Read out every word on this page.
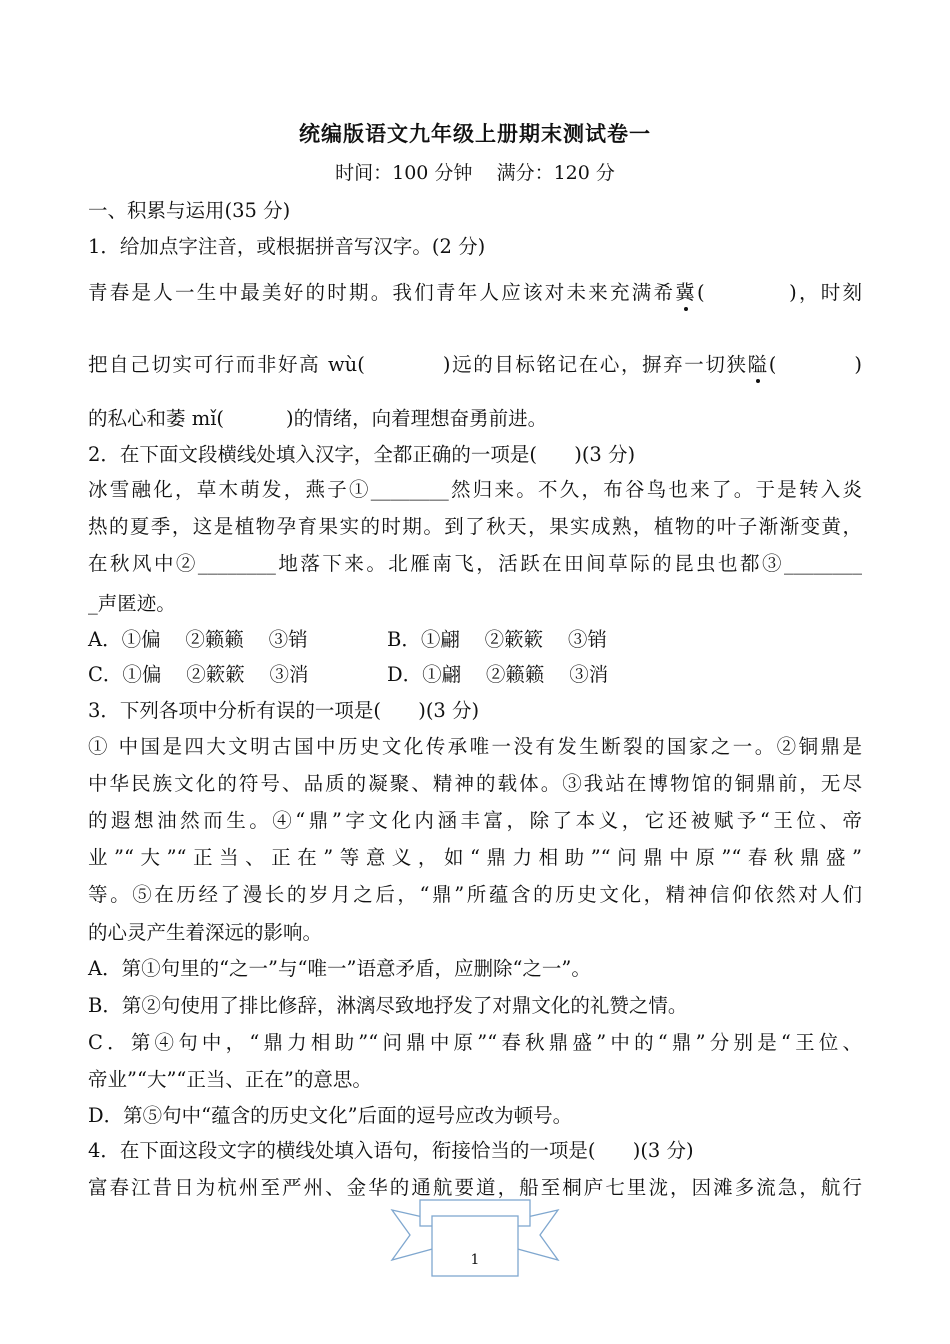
统编版语文九年级上册期末测试卷一
时间：100 分钟    满分：120 分
一、积累与运用(35 分)
1．给加点字注音，或根据拼音写汉字。(2 分)
青春是人一生中最美好的时期。我们青年人应该对未来充满希冀(          )，时刻
把自己切实可行而非好高 wù(          )远的目标铭记在心，摒弃一切狭隘(          )
的私心和萎 mǐ(          )的情绪，向着理想奋勇前进。
2．在下面文段横线处填入汉字，全都正确的一项是(      )(3 分)
冰雪融化，草木萌发，燕子①________然归来。不久，布谷鸟也来了。于是转入炎
热的夏季，这是植物孕育果实的时期。到了秋天，果实成熟，植物的叶子渐渐变黄，
在秋风中②________地落下来。北雁南飞，活跃在田间草际的昆虫也都③________
_声匿迹。
A．①偏    ②籁籁    ③销	B．①翩    ②簌簌    ③销
C．①偏    ②簌簌    ③消	D．①翩    ②籁籁    ③消
3．下列各项中分析有误的一项是(      )(3 分)
① 中国是四大文明古国中历史文化传承唯一没有发生断裂的国家之一。②铜鼎是
中华民族文化的符号、品质的凝聚、精神的载体。③我站在博物馆的铜鼎前，无尽
的遐想油然而生。④“鼎”字文化内涵丰富，除了本义，它还被赋予“王位、帝
业”“大”“正当、正在”等意义，如“鼎力相助”“问鼎中原”“春秋鼎盛”
等。⑤在历经了漫长的岁月之后，“鼎”所蕴含的历史文化，精神信仰依然对人们
的心灵产生着深远的影响。
A．第①句里的“之一”与“唯一”语意矛盾，应删除“之一”。
B．第②句使用了排比修辞，淋漓尽致地抒发了对鼎文化的礼赞之情。
C．第④句中，“鼎力相助”“问鼎中原”“春秋鼎盛”中的“鼎”分别是“王位、
帝业”“大”“正当、正在”的意思。
D．第⑤句中“蕴含的历史文化”后面的逗号应改为顿号。
4．在下面这段文字的横线处填入语句，衔接恰当的一项是(      )(3 分)
富春江昔日为杭州至严州、金华的通航要道，船至桐庐七里泷，因滩多流急，航行
1
